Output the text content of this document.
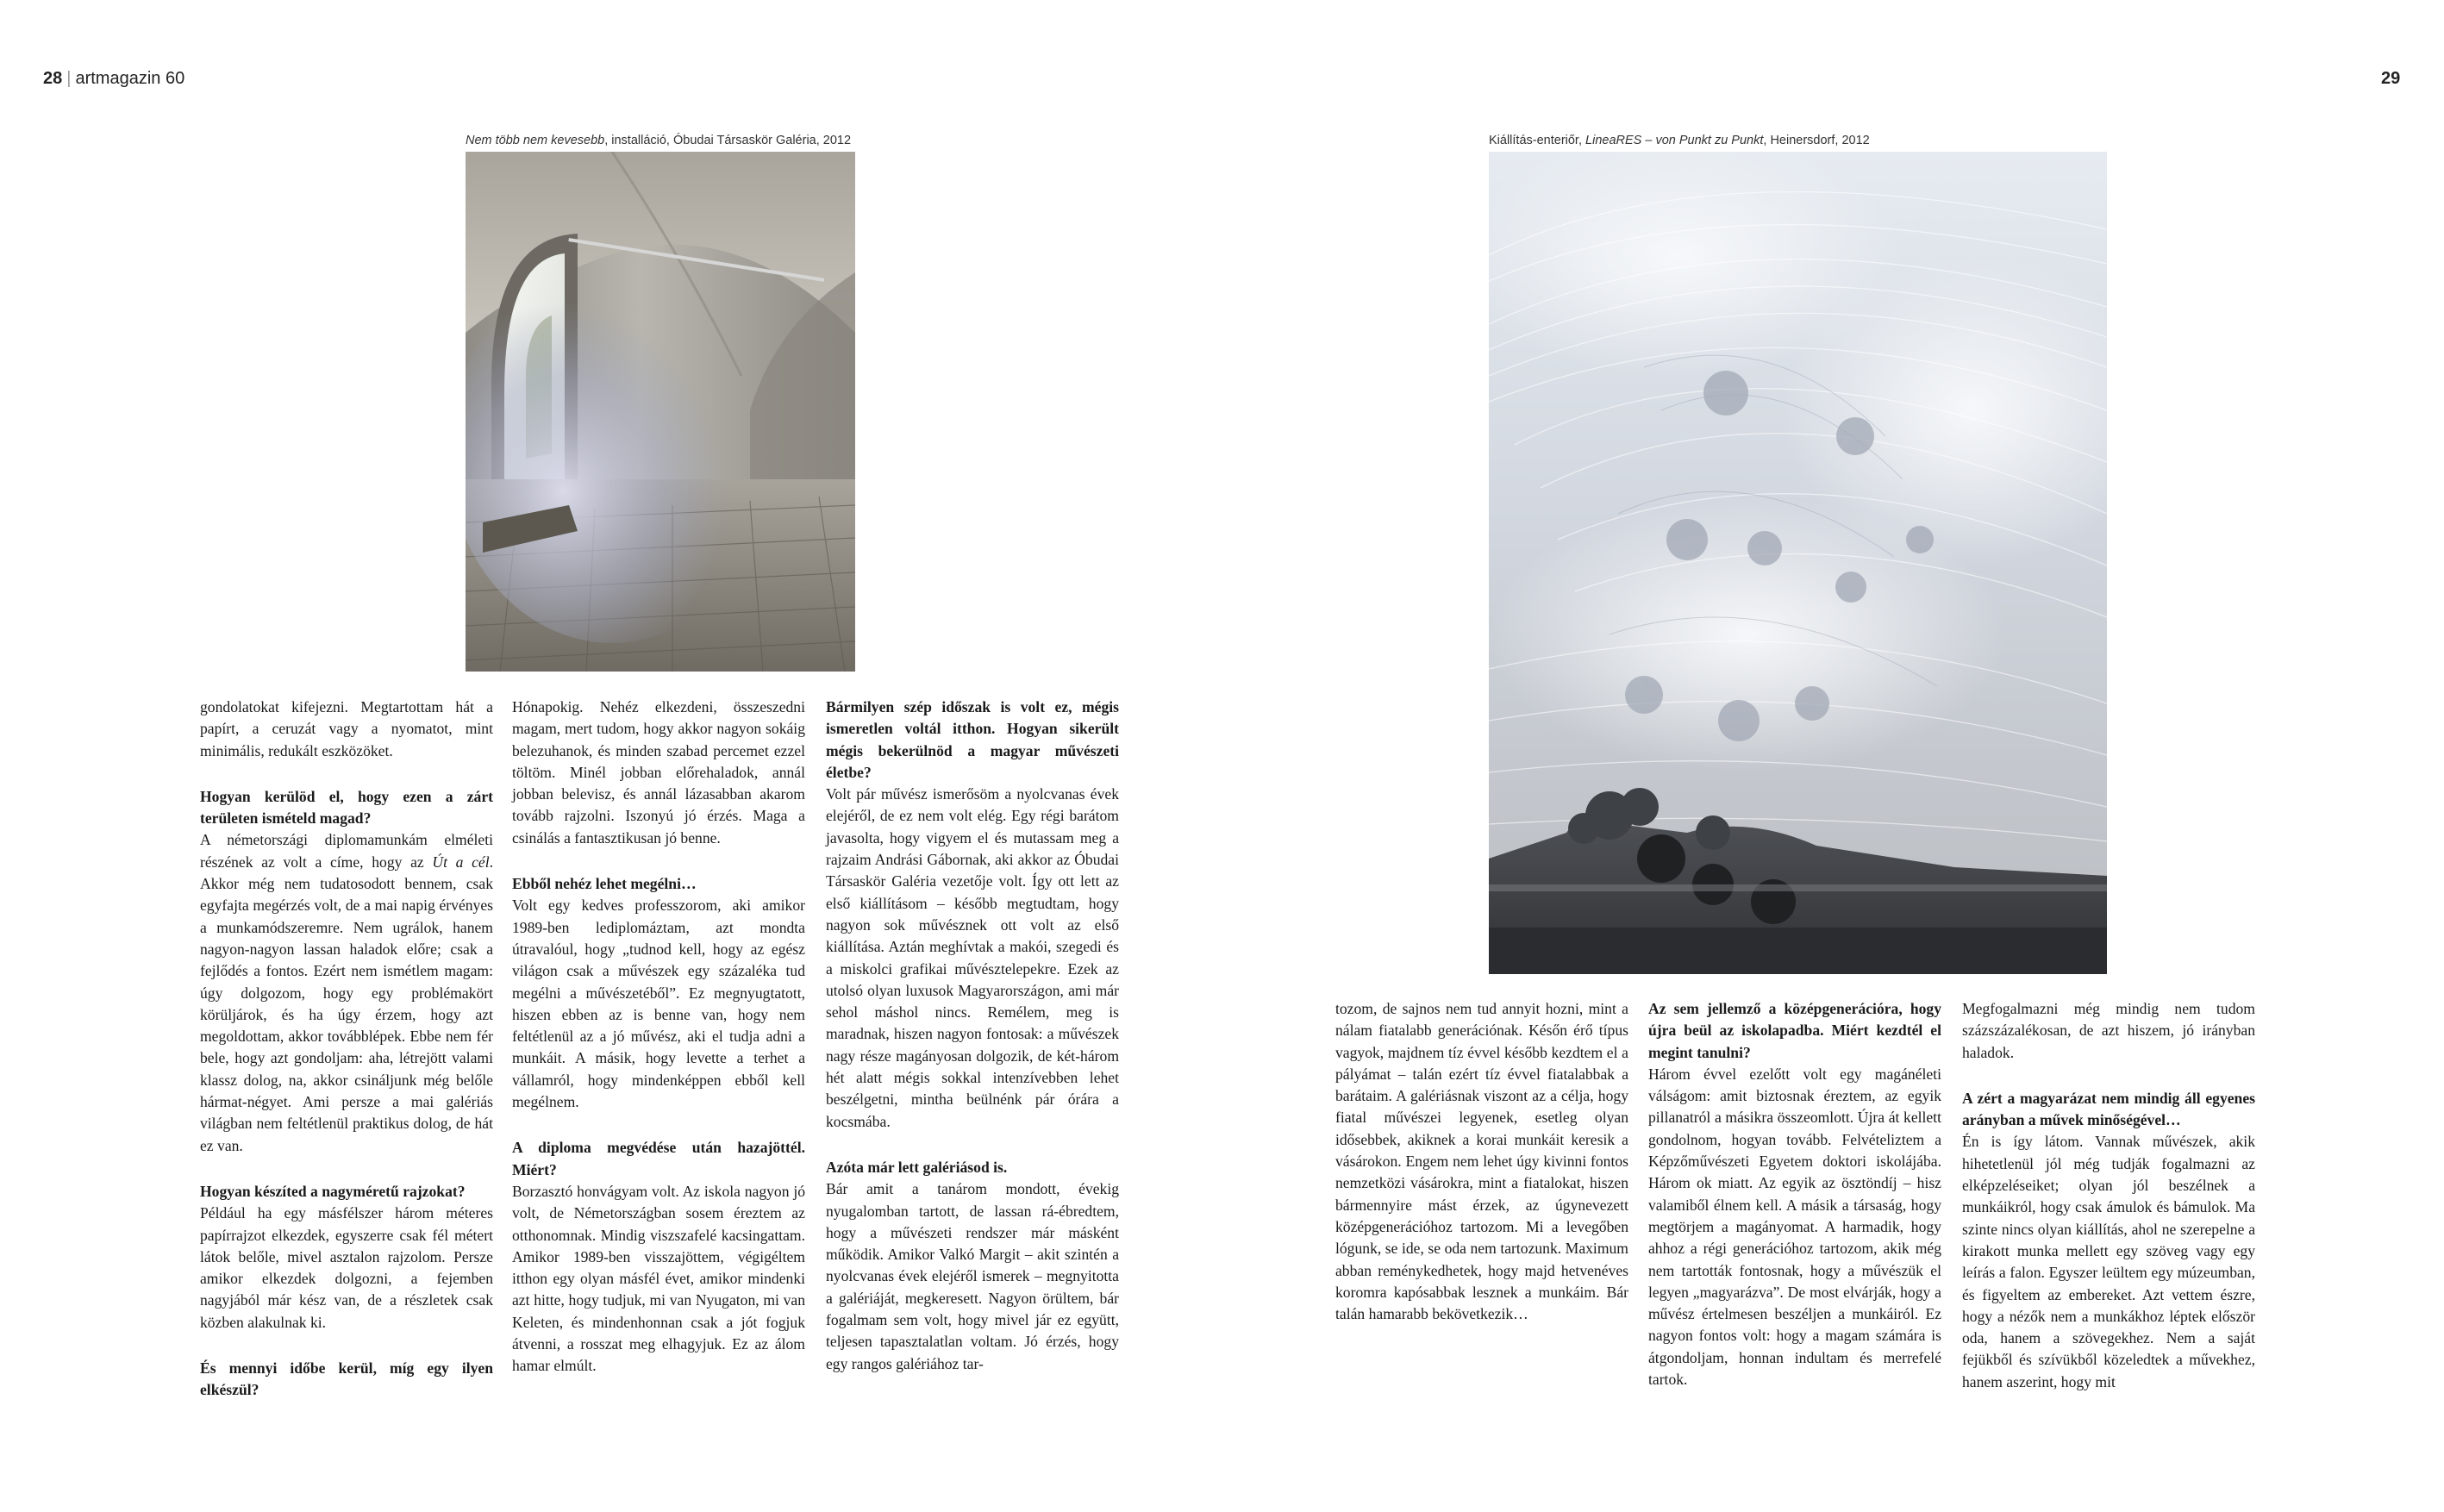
28 | artmagazin 60	29
Nem több nem kevesebb, installáció, Óbudai Társaskör Galéria, 2012	Kiállítás-enteriőr, LineaRES – von Punkt zu Punkt, Heinersdorf, 2012

gondolatokat kifejezni. Megtartottam hát a papírt, a ceruzát vagy a nyomatot, mint minimális, redukált eszközöket.

Hogyan kerülöd el, hogy ezen a zárt területen ismételd magad?

A németországi diplomamunkám elméleti részének az volt a címe, hogy az Út a cél. Akkor még nem tudatosodott bennem, csak egyfajta megérzés volt, de a mai napig érvényes a munkamódszeremre. Nem ugrálok, hanem nagyon-nagyon lassan haladok előre; csak a fejlődés a fontos. Ezért nem ismétlem magam: úgy dolgozom, hogy egy problémakört körüljárok, és ha úgy érzem, hogy azt megoldottam, akkor továbblépek. Ebbe nem fér bele, hogy azt gondoljam: aha, létrejött valami klassz dolog, na, akkor csináljunk még belőle hármat-négyet. Ami persze a mai galériás világban nem feltétlenül praktikus dolog, de hát ez van.

Hogyan készíted a nagyméretű rajzokat?

Például ha egy másfélszer három méteres papírrajzot elkezdek, egyszerre csak fél métert látok belőle, mivel asztalon rajzolom. Persze amikor elkezdek dolgozni, a fejemben nagyjából már kész van, de a részletek csak közben alakulnak ki.

És mennyi időbe kerül, míg egy ilyen elkészül?

Hónapokig. Nehéz elkezdeni, összeszedni magam, mert tudom, hogy akkor nagyon sokáig belezuhanok, és minden szabad percemet ezzel töltöm. Minél jobban előrehaladok, annál jobban belevisz, és annál lázasabban akarom tovább rajzolni. Iszonyú jó érzés. Maga a csinálás a fantasztikusan jó benne.

Ebből nehéz lehet megélni…

Volt egy kedves professzorom, aki amikor 1989-ben lediplomáztam, azt mondta útravalóul, hogy „tudnod kell, hogy az egész világon csak a művészek egy százaléka tud megélni a művészetéből”. Ez megnyugtatott, hiszen ebben az is benne van, hogy nem feltétlenül az a jó művész, aki el tudja adni a munkáit. A másik, hogy levette a terhet a vállamról, hogy mindenképpen ebből kell megélnem.

A diploma megvédése után hazajöttél. Miért?

Borzasztó honvágyam volt. Az iskola nagyon jó volt, de Németországban sosem éreztem az otthonomnak. Mindig viszszafelé kacsingattam. Amikor 1989-ben visszajöttem, végigéltem itthon egy olyan másfél évet, amikor mindenki azt hitte, hogy tudjuk, mi van Nyugaton, mi van Keleten, és mindenhonnan csak a jót fogjuk átvenni, a rosszat meg elhagyjuk. Ez az álom hamar elmúlt.

Bármilyen szép időszak is volt ez, mégis ismeretlen voltál itthon. Hogyan sikerült mégis bekerülnöd a magyar művészeti életbe?

Volt pár művész ismerősöm a nyolcvanas évek elejéről, de ez nem volt elég. Egy régi barátom javasolta, hogy vigyem el és mutassam meg a rajzaim Andrási Gábornak, aki akkor az Óbudai Társaskör Galéria vezetője volt. Így ott lett az első kiállításom – később megtudtam, hogy nagyon sok művésznek ott volt az első kiállítása. Aztán meghívtak a makói, szegedi és a miskolci grafikai művésztelepekre. Ezek az utolsó olyan luxusok Magyarországon, ami már sehol máshol nincs. Remélem, meg is maradnak, hiszen nagyon fontosak: a művészek nagy része magányosan dolgozik, de két-három hét alatt mégis sokkal intenzívebben lehet beszélgetni, mintha beülnénk pár órára a kocsmába.

Azóta már lett galériásod is.

Bár amit a tanárom mondott, évekig nyugalomban tartott, de lassan rá-ébredtem, hogy a művészeti rendszer már másként működik. Amikor Valkó Margit – akit szintén a nyolcvanas évek elejéről ismerek – megnyitotta a galériáját, megkeresett. Nagyon örültem, bár fogalmam sem volt, hogy mivel jár ez együtt, teljesen tapasztalatlan voltam. Jó érzés, hogy egy rangos galériához tar-

tozom, de sajnos nem tud annyit hozni, mint a nálam fiatalabb generációnak. Későn érő típus vagyok, majdnem tíz évvel később kezdtem el a pályámat – talán ezért tíz évvel fiatalabbak a barátaim. A galériásnak viszont az a célja, hogy fiatal művészei legyenek, esetleg olyan idősebbek, akiknek a korai munkáit keresik a vásárokon. Engem nem lehet úgy kivinni fontos nemzetközi vásárokra, mint a fiatalokat, hiszen bármennyire mást érzek, az úgynevezett középgenerációhoz tartozom. Mi a levegőben lógunk, se ide, se oda nem tartozunk. Maximum abban reménykedhetek, hogy majd hetvenéves koromra kapósabbak lesznek a munkáim. Bár talán hamarabb bekövetkezik…

Az sem jellemző a középgenerációra, hogy újra beül az iskolapadba. Miért kezdtél el megint tanulni?

Három évvel ezelőtt volt egy magánéleti válságom: amit biztosnak éreztem, az egyik pillanatról a másikra összeomlott. Újra át kellett gondolnom, hogyan tovább. Felvételiztem a Képzőművészeti Egyetem doktori iskolájába. Három ok miatt. Az egyik az ösztöndíj – hisz valamiből élnem kell. A másik a társaság, hogy megtörjem a magányomat. A harmadik, hogy ahhoz a régi generációhoz tartozom, akik még nem tartották fontosnak, hogy a művészük el legyen „magyarázva”. De most elvárják, hogy a művész értelmesen beszéljen a munkáiról. Ez nagyon fontos volt: hogy a magam számára is átgondoljam, honnan indultam és merrefelé tartok.

Megfogalmazni még mindig nem tudom százszázalékosan, de azt hiszem, jó irányban haladok.

A zért a magyarázat nem mindig áll egyenes arányban a művek minőségével…

Én is így látom. Vannak művészek, akik hihetetlenül jól még tudják fogalmazni az elképzeléseiket; olyan jól beszélnek a munkáikról, hogy csak ámulok és bámulok. Ma szinte nincs olyan kiállítás, ahol ne szerepelne a kirakott munka mellett egy szöveg vagy egy leírás a falon. Egyszer leültem egy múzeumban, és figyeltem az embereket. Azt vettem észre, hogy a nézők nem a munkákhoz léptek először oda, hanem a szövegekhez. Nem a saját fejükből és szívükből közeledtek a művekhez, hanem aszerint, hogy mit
